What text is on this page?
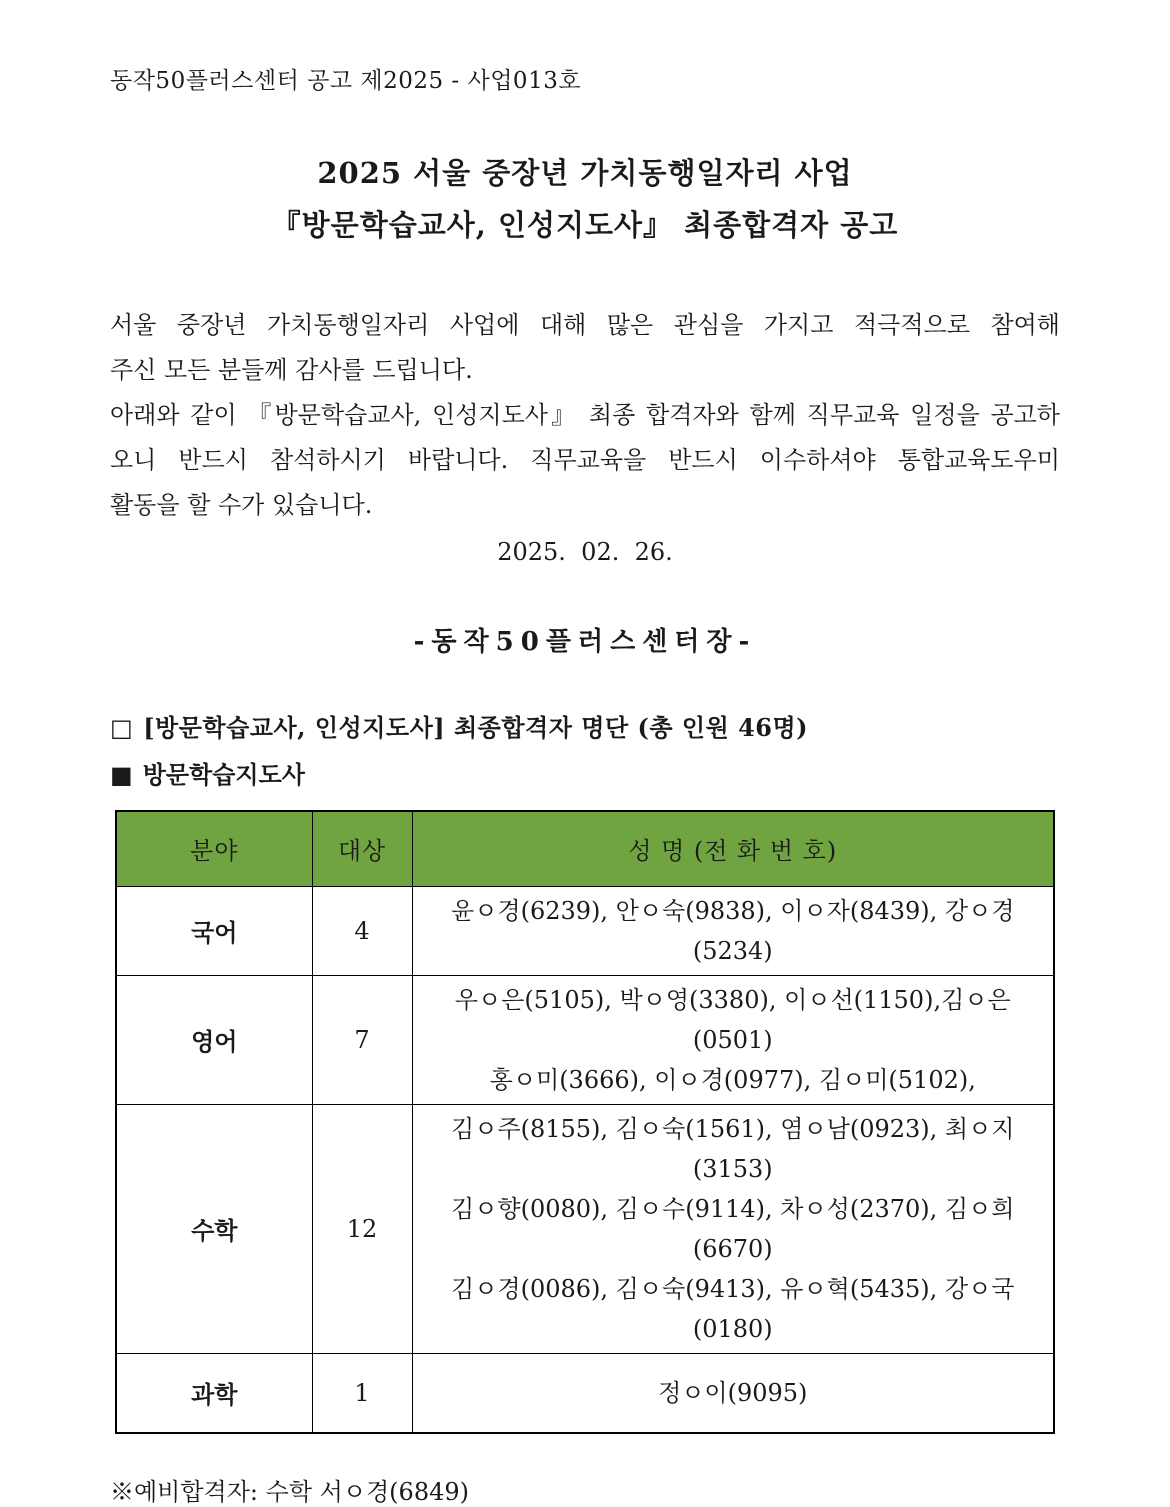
동작50플러스센터 공고 제2025 - 사업013호
2025 서울 중장년 가치동행일자리 사업
『방문학습교사, 인성지도사』 최종합격자 공고
서울 중장년 가치동행일자리 사업에 대해 많은 관심을 가지고 적극적으로 참여해
주신 모든 분들께 감사를 드립니다.
아래와 같이 『방문학습교사, 인성지도사』 최종 합격자와 함께 직무교육 일정을 공고하
오니 반드시 참석하시기 바랍니다. 직무교육을 반드시 이수하셔야 통합교육도우미
활동을 할 수가 있습니다.
2025.  02.  26.
-동작50플러스센터장-
□ [방문학습교사, 인성지도사] 최종합격자 명단 (총 인원 46명)
■ 방문학습지도사
분야	대상	성 명 (전 화 번 호)
국어	4	윤ㅇ경(6239), 안ㅇ숙(9838), 이ㅇ자(8439), 강ㅇ경(5234)

영어	7	우ㅇ은(5105), 박ㅇ영(3380), 이ㅇ선(1150),김ㅇ은(0501)
홍ㅇ미(3666), 이ㅇ경(0977), 김ㅇ미(5102),

수학	12	김ㅇ주(8155), 김ㅇ숙(1561), 염ㅇ남(0923), 최ㅇ지(3153)
김ㅇ향(0080), 김ㅇ수(9114), 차ㅇ성(2370), 김ㅇ희(6670)
김ㅇ경(0086), 김ㅇ숙(9413), 유ㅇ혁(5435), 강ㅇ국(0180)

과학	1	정ㅇ이(9095)
※예비합격자: 수학 서ㅇ경(6849)
